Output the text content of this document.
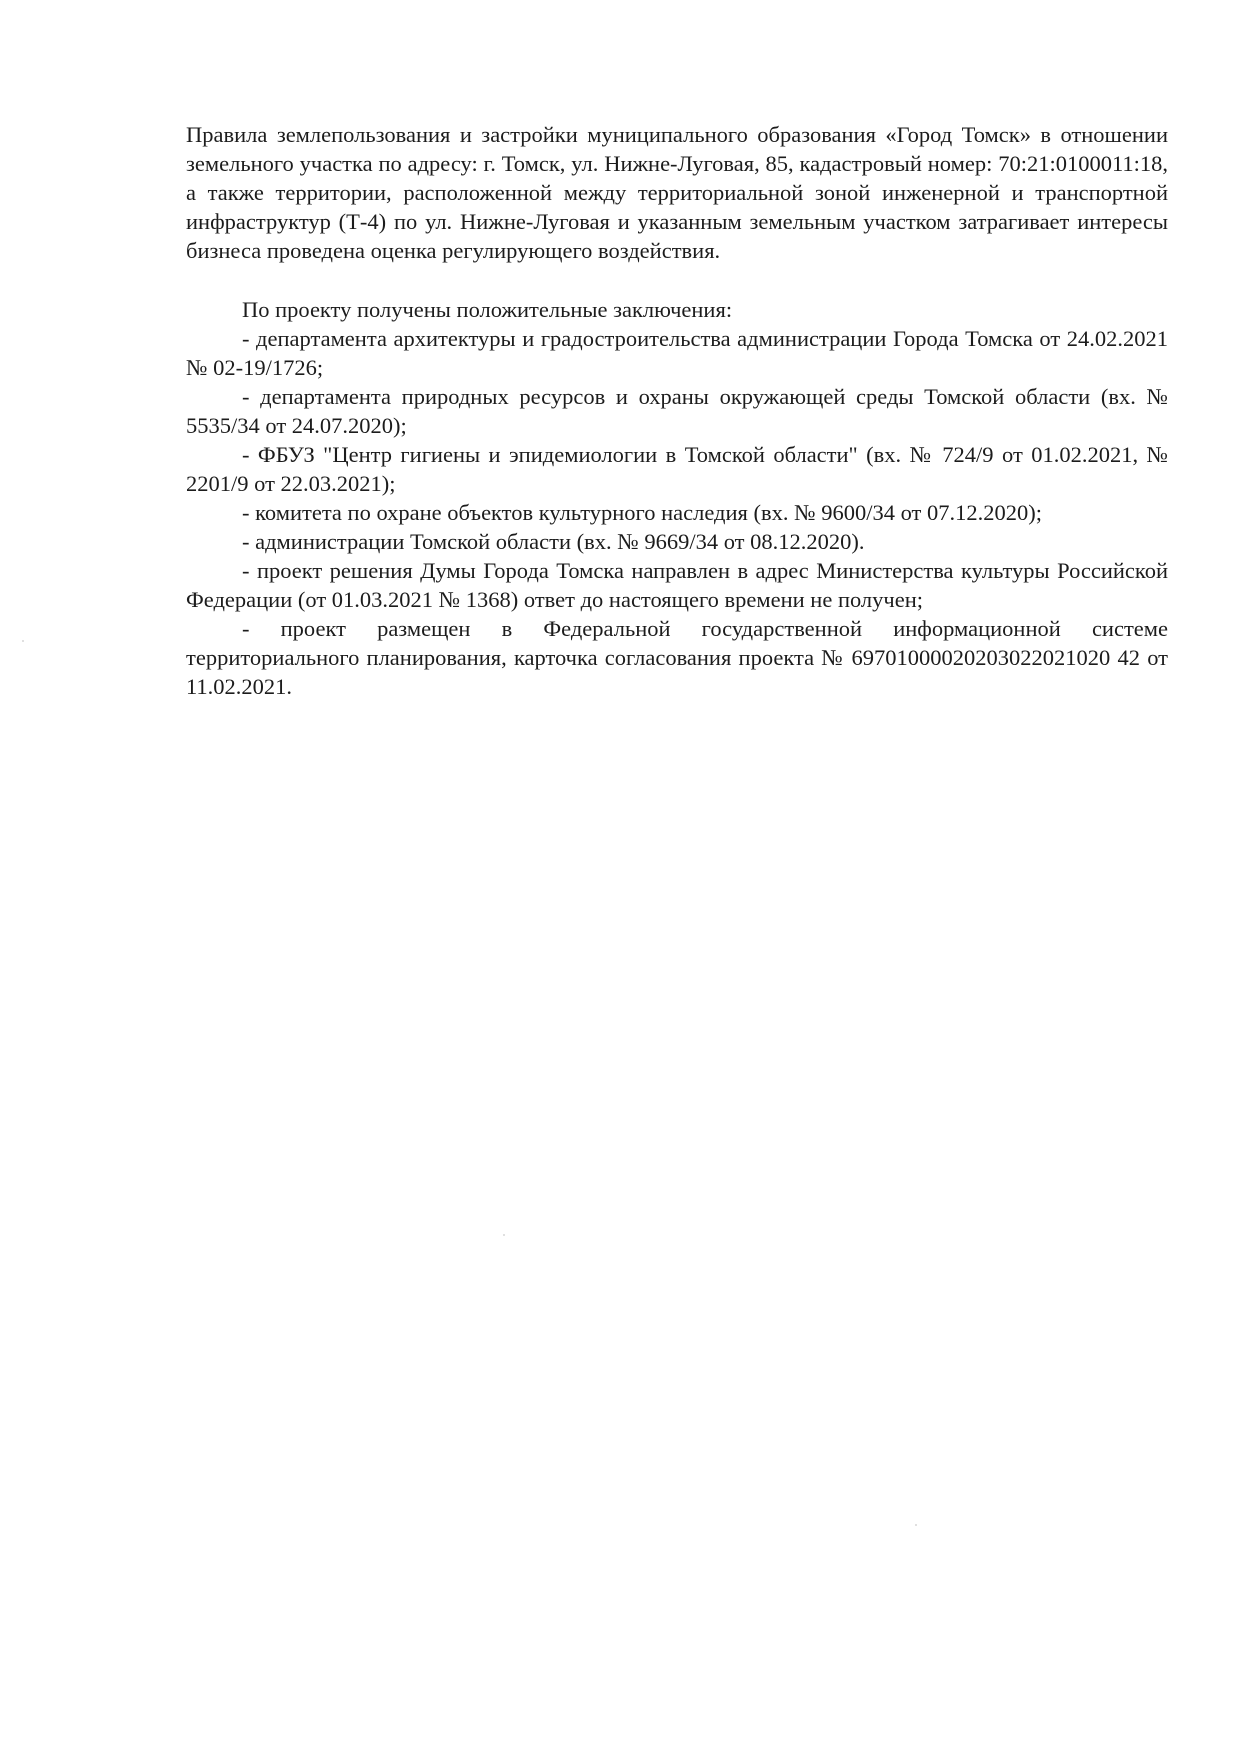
Правила землепользования и застройки муниципального образования «Город Томск» в отношении земельного участка по адресу: г. Томск, ул. Нижне-Луговая, 85, кадастровый номер: 70:21:0100011:18, а также территории, расположенной между территориальной зоной инженерной и транспортной инфраструктур (Т-4) по ул. Нижне-Луговая и указанным земельным участком затрагивает интересы бизнеса проведена оценка регулирующего воздействия.

По проекту получены положительные заключения:

- департамента архитектуры и градостроительства администрации Города Томска от 24.02.2021 № 02-19/1726;

- департамента природных ресурсов и охраны окружающей среды Томской области (вх. № 5535/34 от 24.07.2020);

- ФБУЗ "Центр гигиены и эпидемиологии в Томской области" (вх. № 724/9 от 01.02.2021, № 2201/9 от 22.03.2021);

- комитета по охране объектов культурного наследия (вх. № 9600/34 от 07.12.2020);

- администрации Томской области (вх. № 9669/34 от 08.12.2020).

- проект решения Думы Города Томска направлен в адрес Министерства культуры Российской Федерации (от 01.03.2021 № 1368) ответ до настоящего времени не получен;

- проект размещен в Федеральной государственной информационной системе территориального планирования, карточка согласования проекта № 69701000020203022021020 42 от 11.02.2021.
